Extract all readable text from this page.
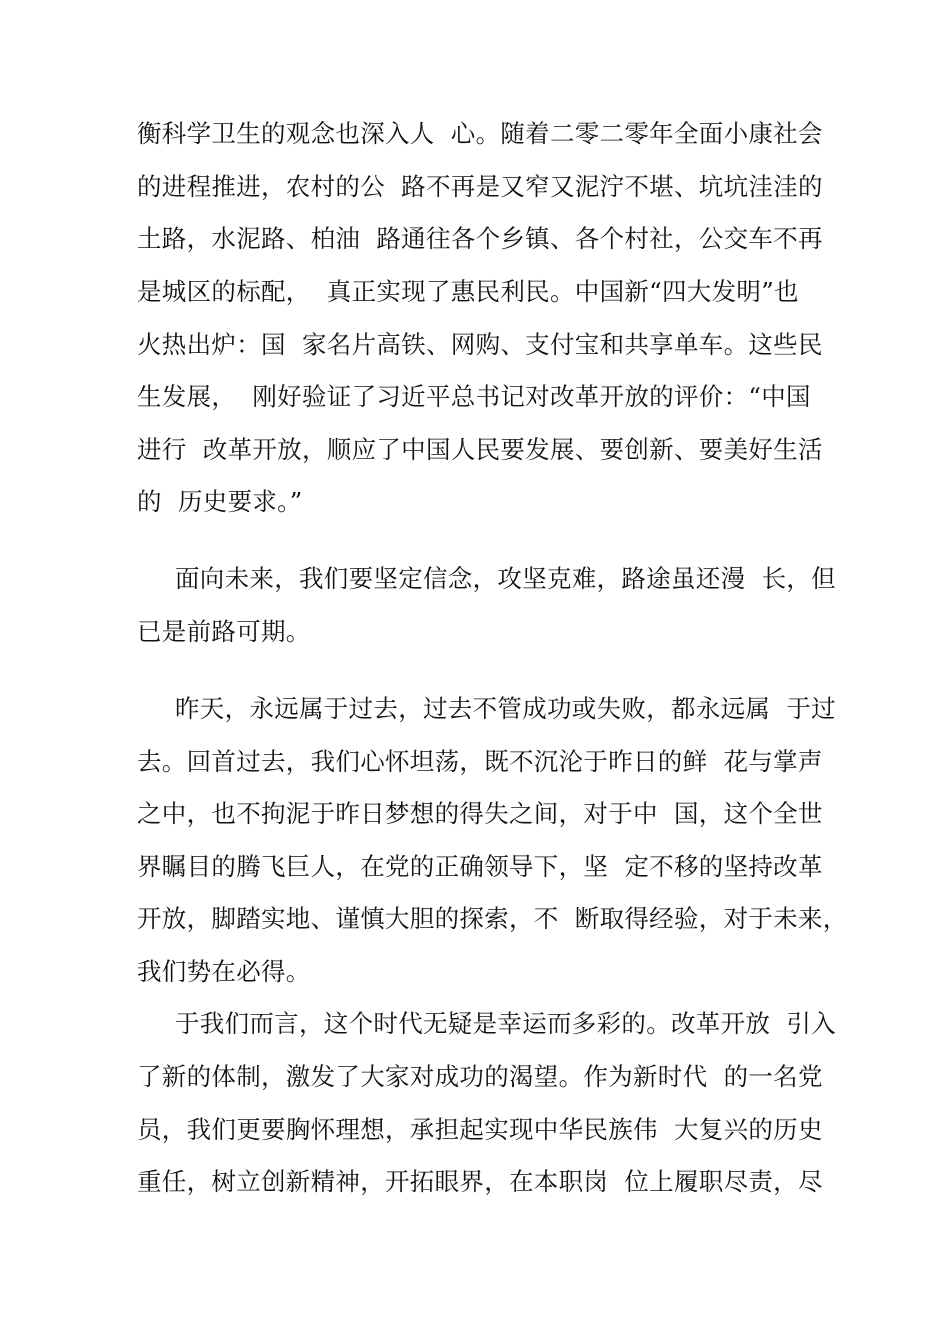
衡科学卫生的观念也深入人  心。随着二零二零年全面小康社会
的进程推进，农村的公  路不再是又窄又泥泞不堪、坑坑洼洼的
土路，水泥路、柏油  路通往各个乡镇、各个村社，公交车不再
是城区的标配，  真正实现了惠民利民。中国新“四大发明”也
火热出炉：国  家名片高铁、网购、支付宝和共享单车。这些民
生发展，  刚好验证了习近平总书记对改革开放的评价：“中国
进行  改革开放，顺应了中国人民要发展、要创新、要美好生活
的  历史要求。”
面向未来，我们要坚定信念，攻坚克难，路途虽还漫  长，但
已是前路可期。
昨天，永远属于过去，过去不管成功或失败，都永远属  于过
去。回首过去，我们心怀坦荡，既不沉沦于昨日的鲜  花与掌声
之中，也不拘泥于昨日梦想的得失之间，对于中  国，这个全世
界瞩目的腾飞巨人，在党的正确领导下，坚  定不移的坚持改革
开放，脚踏实地、谨慎大胆的探索，不  断取得经验，对于未来，
我们势在必得。
于我们而言，这个时代无疑是幸运而多彩的。改革开放  引入
了新的体制，激发了大家对成功的渴望。作为新时代  的一名党
员，我们更要胸怀理想，承担起实现中华民族伟  大复兴的历史
重任，树立创新精神，开拓眼界，在本职岗  位上履职尽责，尽
